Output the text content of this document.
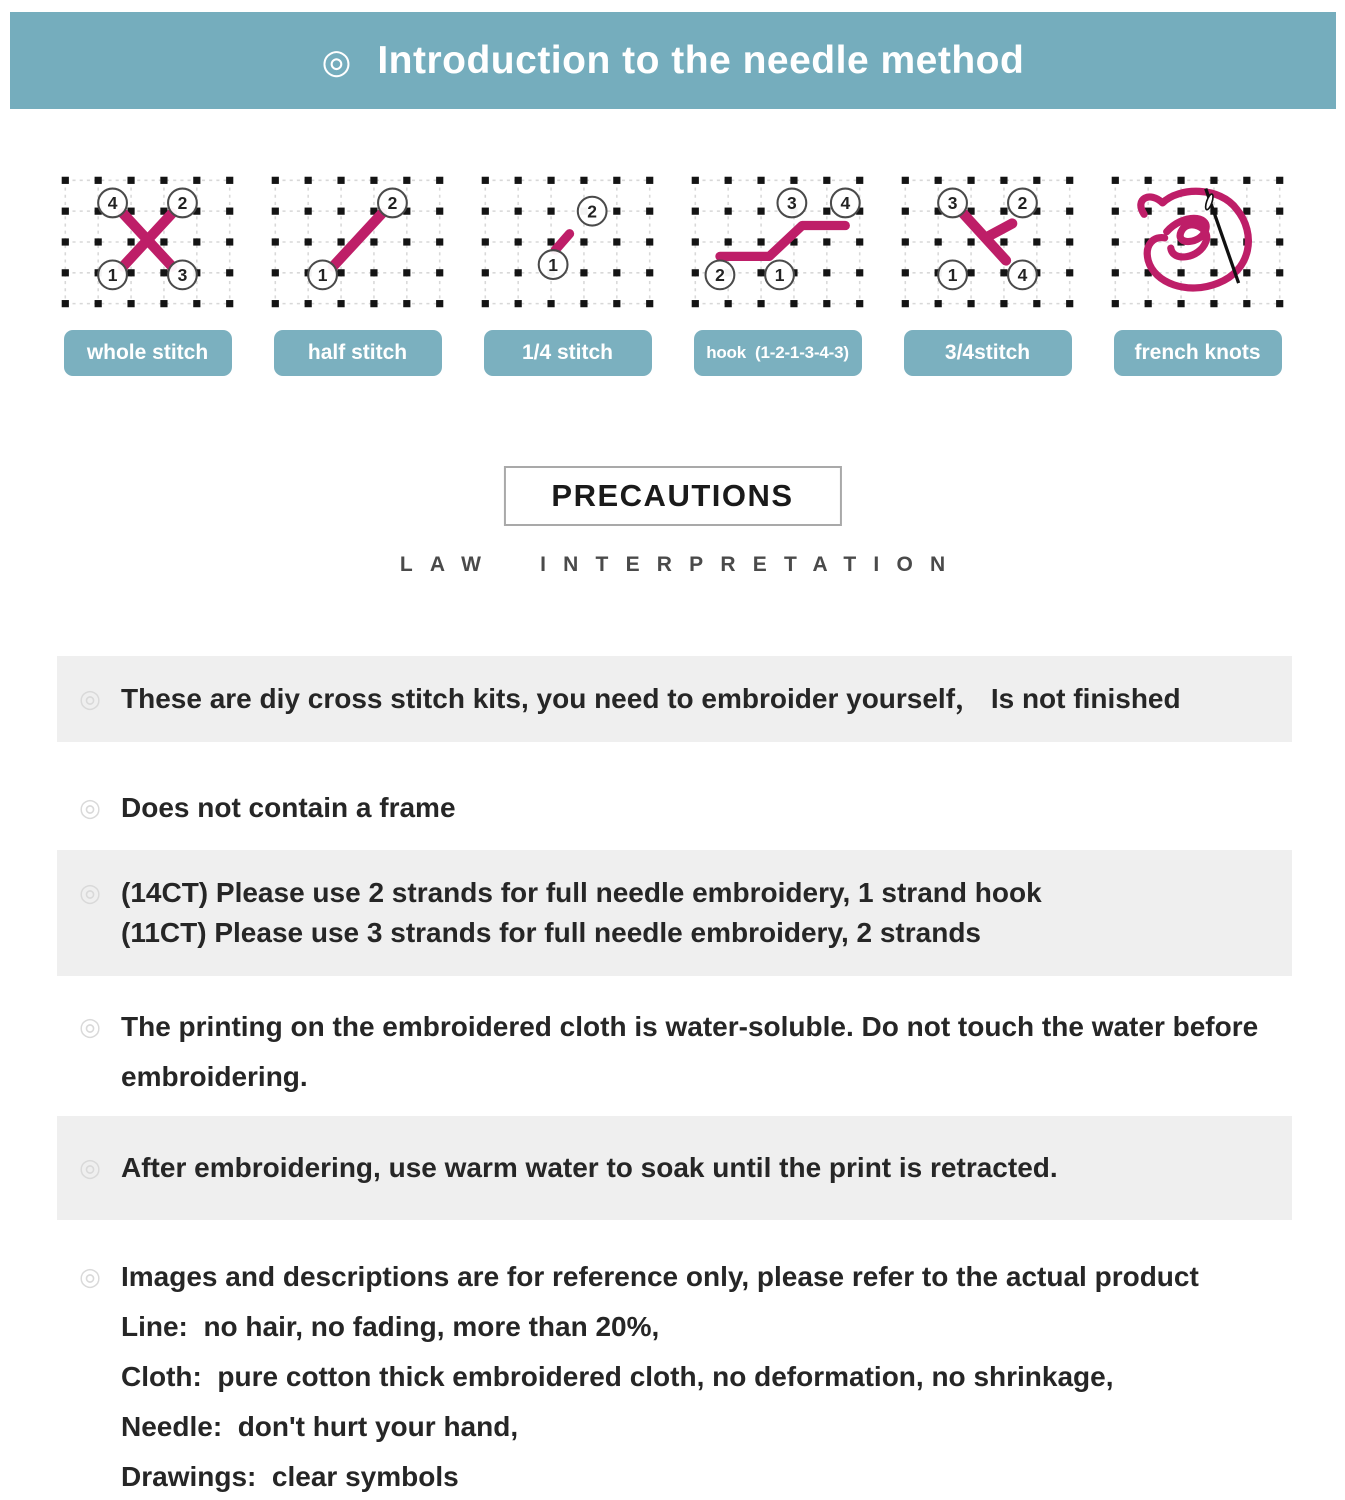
◎ Introduction to the needle method
4	2
1	3
whole stitch
1
2
half stitch
2
1
1/4 stitch
2	1
3	4
hook  (1-2-1-3-4-3)
3	2
1	4
3/4stitch	french knots
PRECAUTIONS
LAW INTERPRETATION
◎ These are diy cross stitch kits, you need to embroider yourself， Is not finished
◎ Does not contain a frame
◎ (14CT) Please use 2 strands for full needle embroidery, 1 strand hook
(11CT) Please use 3 strands for full needle embroidery, 2 strands
◎ The printing on the embroidered cloth is water-soluble. Do not touch the water before embroidering.
◎ After embroidering, use warm water to soak until the print is retracted.
◎ Images and descriptions are for reference only, please refer to the actual product
Line:  no hair, no fading, more than 20%,
Cloth:  pure cotton thick embroidered cloth, no deformation, no shrinkage,
Needle:  don't hurt your hand,
Drawings:  clear symbols
